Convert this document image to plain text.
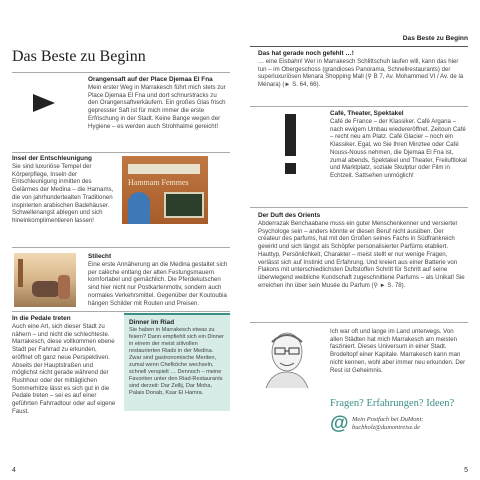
Das Beste zu Beginn
Orangensaft auf der Place Djemaa El Fna
Mein erster Weg in Marrakesch führt mich stets zur Place Djemaa El Fna und dort schnurstracks zu den Orangensaftverkäufern. Ein großes Glas frisch gepresster Saft ist für mich immer die erste Erfrischung in der Stadt. Keine Bange wegen der Hygiene – es werden auch Strohhalme gereicht!
Insel der Entschleunigung
Sie sind luxuriöse Tempel der Körperpflege, Inseln der Entschleunigung inmitten des Gelärmes der Medina – die Hamams, die von jahrhundertealten Traditionen inspirierten arabischen Badehäuser. Schwellenangst ablegen und sich hineinkomplimentieren lassen!
Hammam Femmes
Stilecht
Eine erste Annäherung an die Medina gestaltet sich per calèche entlang der alten Festungsmauern komfortabel und gemächlich. Die Pferdekutschen sind hier nicht nur Postkartenmotiv, sondern auch normales Verkehrsmittel. Gegenüber der Koutoubia hängen Schilder mit Routen und Preisen.
In die Pedale treten
Auch eine Art, sich dieser Stadt zu nähern – und nicht die schlechteste. Marrakesch, diese vollkommen ebene Stadt per Fahrrad zu erkunden, eröffnet oft ganz neue Perspektiven. Abseits der Hauptstraßen und möglichst nicht gerade während der Rushhour oder der mittäglichen Sommerhitze lässt es sich gut in die Pedale treten – sei es auf einer geführten Fahrradtour oder auf eigene Faust.
Dinner im Riad
Sie haben in Marrakesch etwas zu feiern? Dann empfiehlt sich ein Dinner in einem der meist stilvollen restaurierten Riads in der Medina. Zwar sind gastronomische Meriten, zumal wenn Chefköche wechseln, schnell verspielt … Dennoch – meine Favoriten unter den Riad-Restaurants sind derzeit: Dar Zellij, Dar Moha, Palais Donab, Ksar El Hamra.
4
Das Beste zu Beginn
Das hat gerade noch gefehlt …!
… eine Eisbahn! Wer in Marrakesch Schlittschuh laufen will, kann das hier tun – im Obergeschoss (grandioses Panorama, Schnellrestaurants) der superluxuriösen Menara Shopping Mall (⚲ B 7, Av. Mohammed VI / Av. de la Ménara) (► S. 64, 66).
Café, Theater, Spektakel
Café de France – der Klassiker. Café Argana – nach ewigem Umbau wiedereröffnet. Zeitoun Café – recht neu am Platz. Café Glacier – noch ein Klassiker. Egal, wo Sie Ihren Minztee oder Café Nouss-Nouss nehmen, die Djemaa El Fna ist, zumal abends, Spektakel und Theater, Freiluftlokal und Marktplatz, soziale Skulptur oder Film in Echtzeit. Sattsehen unmöglich!
Der Duft des Orients
Abderrazak Benchaabane muss ein guter Menschenkenner und versierter Psychologe sein – anders könnte er diesen Beruf nicht ausüben. Der créateur des parfums, hat mit den Großen seines Fachs in Südfrankreich gewirkt und sich längst als Schöpfer personalisierter Parfüms etabliert. Hauttyp, Persönlichkeit, Charakter – meist stellt er nur wenige Fragen, verlässt sich auf Instinkt und Erfahrung. Und kreiert aus einer Batterie von Flakons mit unterschiedlichsten Duftstoffen Schritt für Schritt auf seine überwiegend weibliche Kundschaft zugeschnittene Parfums – als Unikat! Sie erreichen ihn über sein Musée du Parfum (⚲ ► S. 78).
Ich war oft und lange im Land unterwegs. Von allen Städten hat mich Marrakesch am meisten fasziniert. Dieses Universum in einer Stadt. Brodeltopf einer Kapitale. Marrakesch kann man nicht kennen, wohl aber immer neu erkunden. Der Rest ist Geheimnis.
Fragen? Erfahrungen? Ideen?
@ Mein Postfach bei DuMont:
buchholz@dumontreise.de
5
